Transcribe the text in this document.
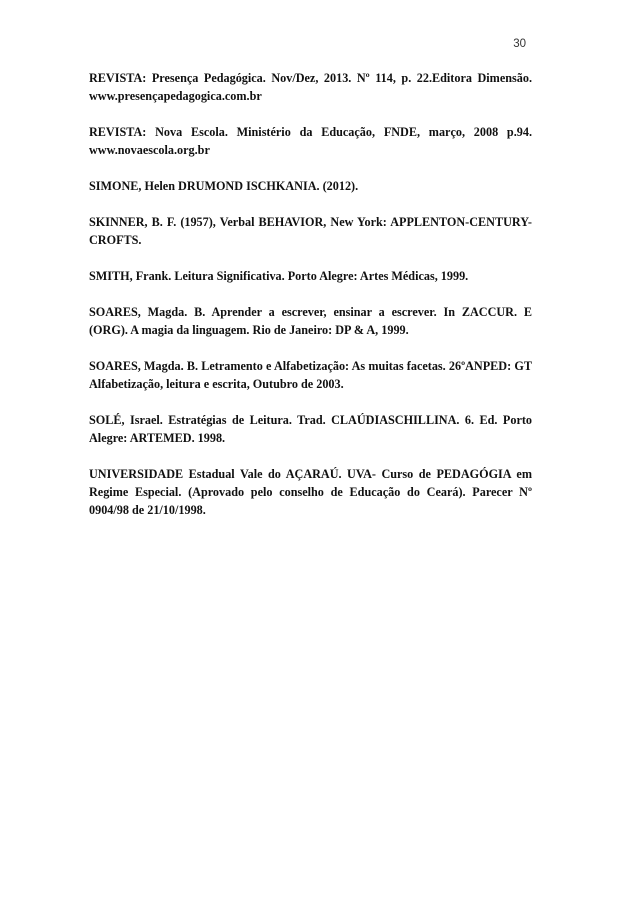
30

REVISTA: Presença Pedagógica. Nov/Dez, 2013. Nº 114, p. 22.Editora Dimensão. www.presençapedagogica.com.br

REVISTA: Nova Escola. Ministério da Educação, FNDE, março, 2008 p.94. www.novaescola.org.br

SIMONE, Helen DRUMOND ISCHKANIA. (2012).

SKINNER, B. F. (1957), Verbal BEHAVIOR, New York: APPLENTON-CENTURY- CROFTS.

SMITH, Frank. Leitura Significativa. Porto Alegre: Artes Médicas, 1999.

SOARES, Magda. B. Aprender a escrever, ensinar a escrever. In ZACCUR. E (ORG). A magia da linguagem. Rio de Janeiro: DP & A, 1999.

SOARES, Magda. B. Letramento e Alfabetização: As muitas facetas. 26ºANPED: GT Alfabetização, leitura e escrita, Outubro de 2003.

SOLÉ, Israel. Estratégias de Leitura. Trad. CLAÚDIASCHILLINA. 6. Ed. Porto Alegre: ARTEMED. 1998.

UNIVERSIDADE Estadual Vale do AÇARAÚ. UVA- Curso de PEDAGÓGIA em Regime Especial. (Aprovado pelo conselho de Educação do Ceará). Parecer Nº 0904/98 de 21/10/1998.
